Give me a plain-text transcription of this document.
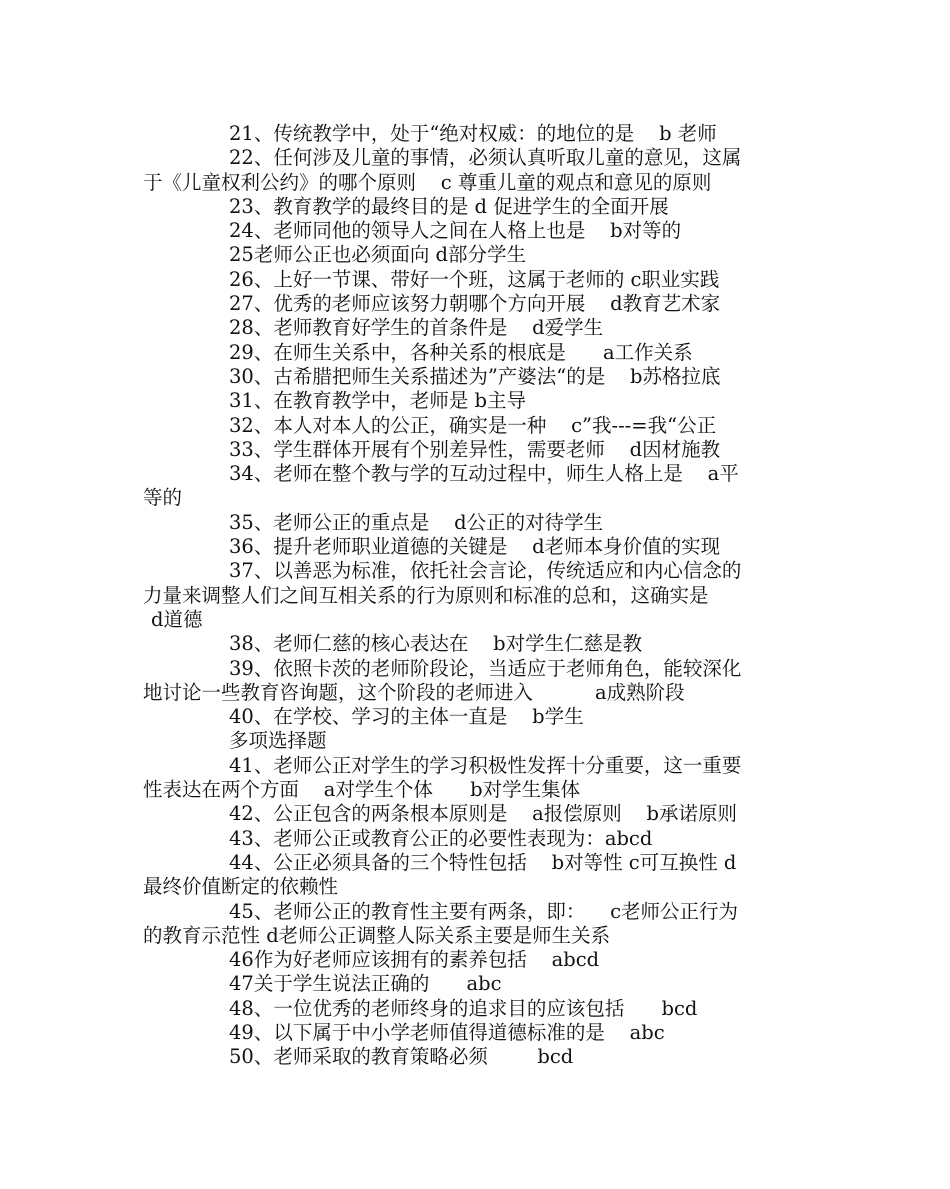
21、传统教学中，处于“绝对权威：的地位的是    b 老师
22、任何涉及儿童的事情，必须认真听取儿童的意见，这属
于《儿童权利公约》的哪个原则    c 尊重儿童的观点和意见的原则
23、教育教学的最终目的是 d 促进学生的全面开展
24、老师同他的领导人之间在人格上也是    b对等的
25老师公正也必须面向 d部分学生
26、上好一节课、带好一个班，这属于老师的 c职业实践
27、优秀的老师应该努力朝哪个方向开展    d教育艺术家
28、老师教育好学生的首条件是    d爱学生
29、在师生关系中，各种关系的根底是      a工作关系
30、古希腊把师生关系描述为”产婆法“的是    b苏格拉底
31、在教育教学中，老师是 b主导
32、本人对本人的公正，确实是一种    c”我---=我“公正
33、学生群体开展有个别差异性，需要老师    d因材施教
34、老师在整个教与学的互动过程中，师生人格上是    a平
等的
35、老师公正的重点是    d公正的对待学生
36、提升老师职业道德的关键是    d老师本身价值的实现
37、以善恶为标准，依托社会言论，传统适应和内心信念的
力量来调整人们之间互相关系的行为原则和标准的总和，这确实是
d道德
38、老师仁慈的核心表达在    b对学生仁慈是教
39、依照卡茨的老师阶段论，当适应于老师角色，能较深化
地讨论一些教育咨询题，这个阶段的老师进入          a成熟阶段
40、在学校、学习的主体一直是    b学生
多项选择题
41、老师公正对学生的学习积极性发挥十分重要，这一重要
性表达在两个方面    a对学生个体      b对学生集体
42、公正包含的两条根本原则是    a报偿原则    b承诺原则
43、老师公正或教育公正的必要性表现为：abcd
44、公正必须具备的三个特性包括    b对等性 c可互换性 d
最终价值断定的依赖性
45、老师公正的教育性主要有两条，即：    c老师公正行为
的教育示范性 d老师公正调整人际关系主要是师生关系
46作为好老师应该拥有的素养包括    abcd
47关于学生说法正确的      abc
48、一位优秀的老师终身的追求目的应该包括      bcd
49、以下属于中小学老师值得道德标准的是    abc
50、老师采取的教育策略必须        bcd
